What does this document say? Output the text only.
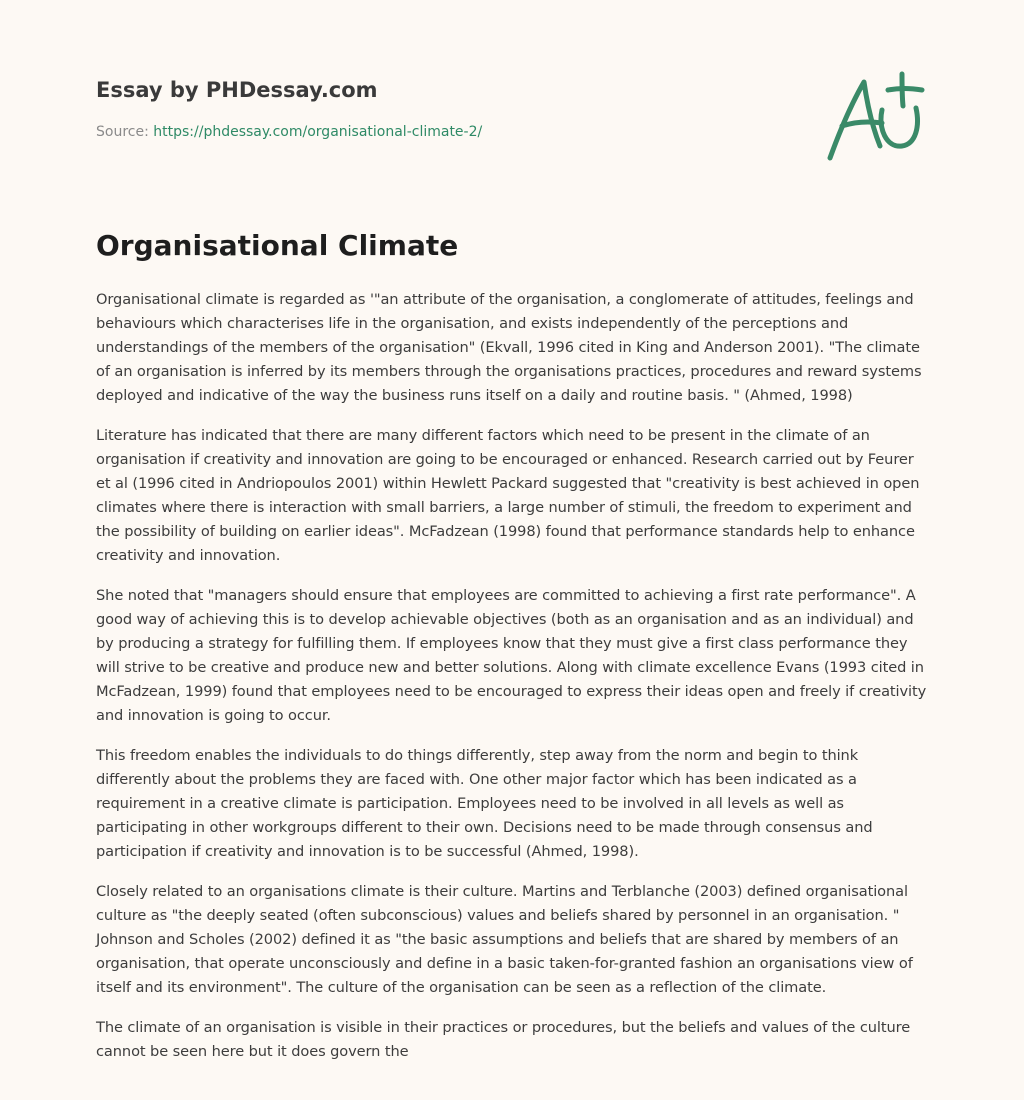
Essay by PHDessay.com
Source: https://phdessay.com/organisational-climate-2/
Organisational Climate

Organisational climate is regarded as '"an attribute of the organisation, a conglomerate of attitudes, feelings and behaviours which characterises life in the organisation, and exists independently of the perceptions and understandings of the members of the organisation" (Ekvall, 1996 cited in King and Anderson 2001). "The climate of an organisation is inferred by its members through the organisations practices, procedures and reward systems deployed and indicative of the way the business runs itself on a daily and routine basis. " (Ahmed, 1998)

Literature has indicated that there are many different factors which need to be present in the climate of an organisation if creativity and innovation are going to be encouraged or enhanced. Research carried out by Feurer et al (1996 cited in Andriopoulos 2001) within Hewlett Packard suggested that "creativity is best achieved in open climates where there is interaction with small barriers, a large number of stimuli, the freedom to experiment and the possibility of building on earlier ideas". McFadzean (1998) found that performance standards help to enhance creativity and innovation.

She noted that "managers should ensure that employees are committed to achieving a first rate performance". A good way of achieving this is to develop achievable objectives (both as an organisation and as an individual) and by producing a strategy for fulfilling them. If employees know that they must give a first class performance they will strive to be creative and produce new and better solutions. Along with climate excellence Evans (1993 cited in McFadzean, 1999) found that employees need to be encouraged to express their ideas open and freely if creativity and innovation is going to occur.

This freedom enables the individuals to do things differently, step away from the norm and begin to think differently about the problems they are faced with. One other major factor which has been indicated as a requirement in a creative climate is participation. Employees need to be involved in all levels as well as participating in other workgroups different to their own. Decisions need to be made through consensus and participation if creativity and innovation is to be successful (Ahmed, 1998).

Closely related to an organisations climate is their culture. Martins and Terblanche (2003) defined organisational culture as "the deeply seated (often subconscious) values and beliefs shared by personnel in an organisation. " Johnson and Scholes (2002) defined it as "the basic assumptions and beliefs that are shared by members of an organisation, that operate unconsciously and define in a basic taken-for-granted fashion an organisations view of itself and its environment". The culture of the organisation can be seen as a reflection of the climate.

The climate of an organisation is visible in their practices or procedures, but the beliefs and values of the culture cannot be seen here but it does govern the
